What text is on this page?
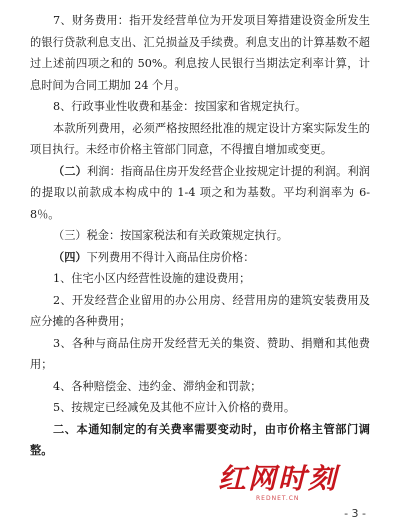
7、财务费用：指开发经营单位为开发项目筹措建设资金所发生的银行贷款利息支出、汇兑损益及手续费。利息支出的计算基数不超过上述前四项之和的 50%。利息按人民银行当期法定利率计算，计息时间为合同工期加 24 个月。

8、行政事业性收费和基金：按国家和省规定执行。

本款所列费用，必须严格按照经批准的规定设计方案实际发生的项目执行。未经市价格主管部门同意，不得擅自增加或变更。

（二）利润：指商品住房开发经营企业按规定计提的利润。利润的提取以前款成本构成中的 1-4 项之和为基数。平均利润率为 6-8％。

（三）税金：按国家税法和有关政策规定执行。

（四）下列费用不得计入商品住房价格：

1、住宅小区内经营性设施的建设费用；

2、开发经营企业留用的办公用房、经营用房的建筑安装费用及应分摊的各种费用；

3、各种与商品住房开发经营无关的集资、赞助、捐赠和其他费用；

4、各种赔偿金、违约金、滞纳金和罚款；

5、按规定已经减免及其他不应计入价格的费用。

二、本通知制定的有关费率需要变动时，由市价格主管部门调整。

红网时刻
REDNET.CN
- 3 -
